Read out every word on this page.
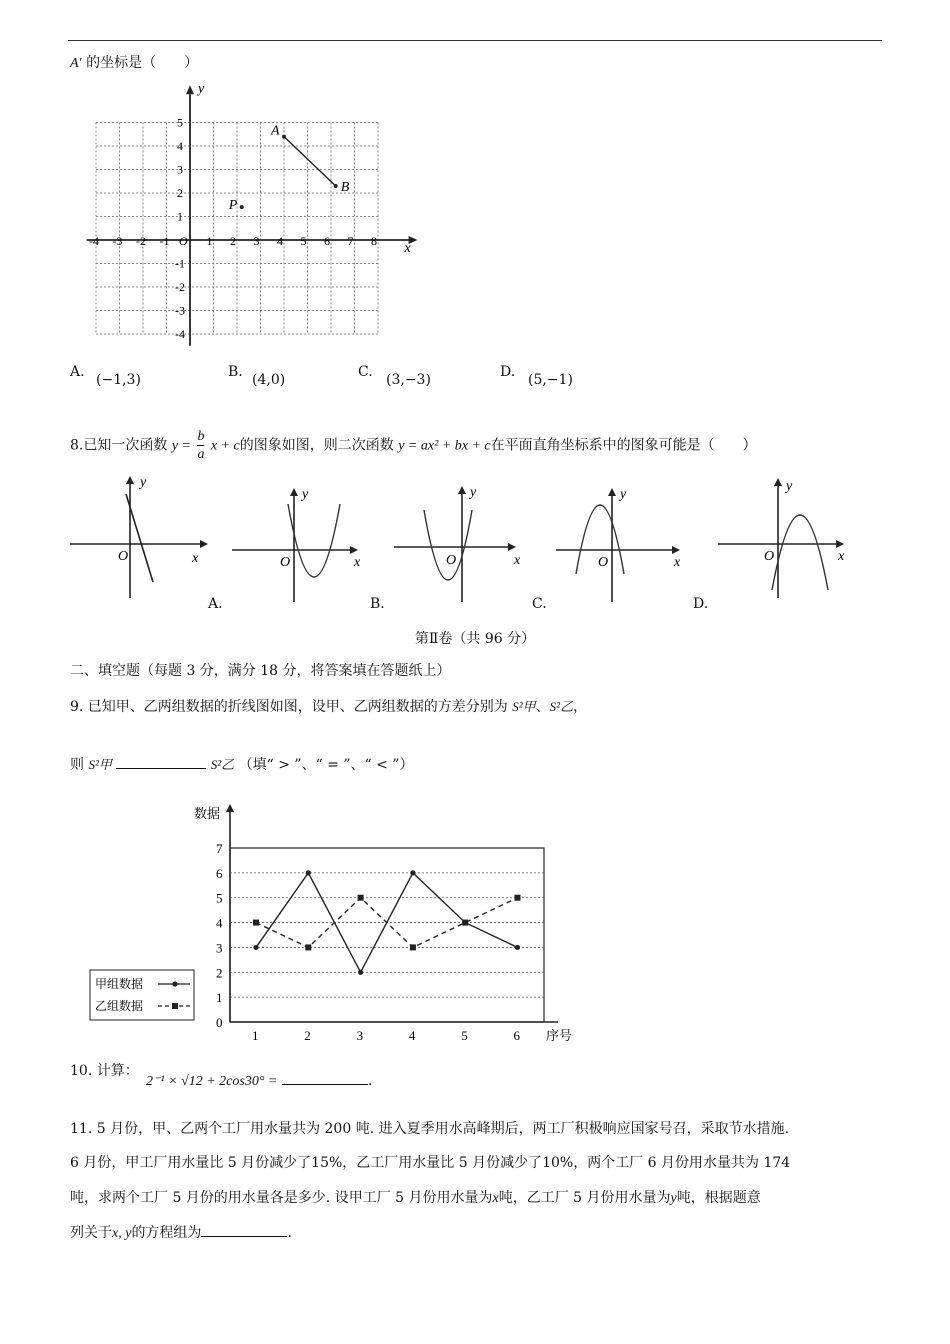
A′ 的坐标是（　　）
-4 -3 -2 -1 O 1 2 3 4 5 6 7 8
5
4
3
2
1
-1
-2
-3
-4
A
B
P
x
y
A. (−1,3)	B. (4,0)	C. (3,−3)	D. (5,−1)
8.已知一次函数 $y = \frac{b}{a}$ x + c的图象如图，则二次函数 y = ax² + bx + c在平面直角坐标系中的图象可能是（　　）
O	x
y
O	x
y
O	x
y
O	x
y
O	x
y
A.	B.	C.	D.
第Ⅱ卷（共 96 分）
二、填空题（每题 3 分，满分 18 分，将答案填在答题纸上）
9. 已知甲、乙两组数据的折线图如图，设甲、乙两组数据的方差分别为 S²甲、S²乙，
则 S²甲	S²乙 （填“ > ”、“ = ”、“ < ”）
0
1
2
3
4
5
6
7
1	2	3	4	5	6
数据
序号
甲组数据
乙组数据
10. 计算：
2⁻¹ × √12 + 2cos30° =	.
11. 5 月份，甲、乙两个工厂用水量共为 200 吨. 进入夏季用水高峰期后，两工厂积极响应国家号召，采取节水措施.
6 月份，甲工厂用水量比 5 月份减少了15%，乙工厂用水量比 5 月份减少了10%，两个工厂 6 月份用水量共为 174
吨，求两个工厂 5 月份的用水量各是多少. 设甲工厂 5 月份用水量为x吨，乙工厂 5 月份用水量为y吨，根据题意
列关于x, y的方程组为	.
